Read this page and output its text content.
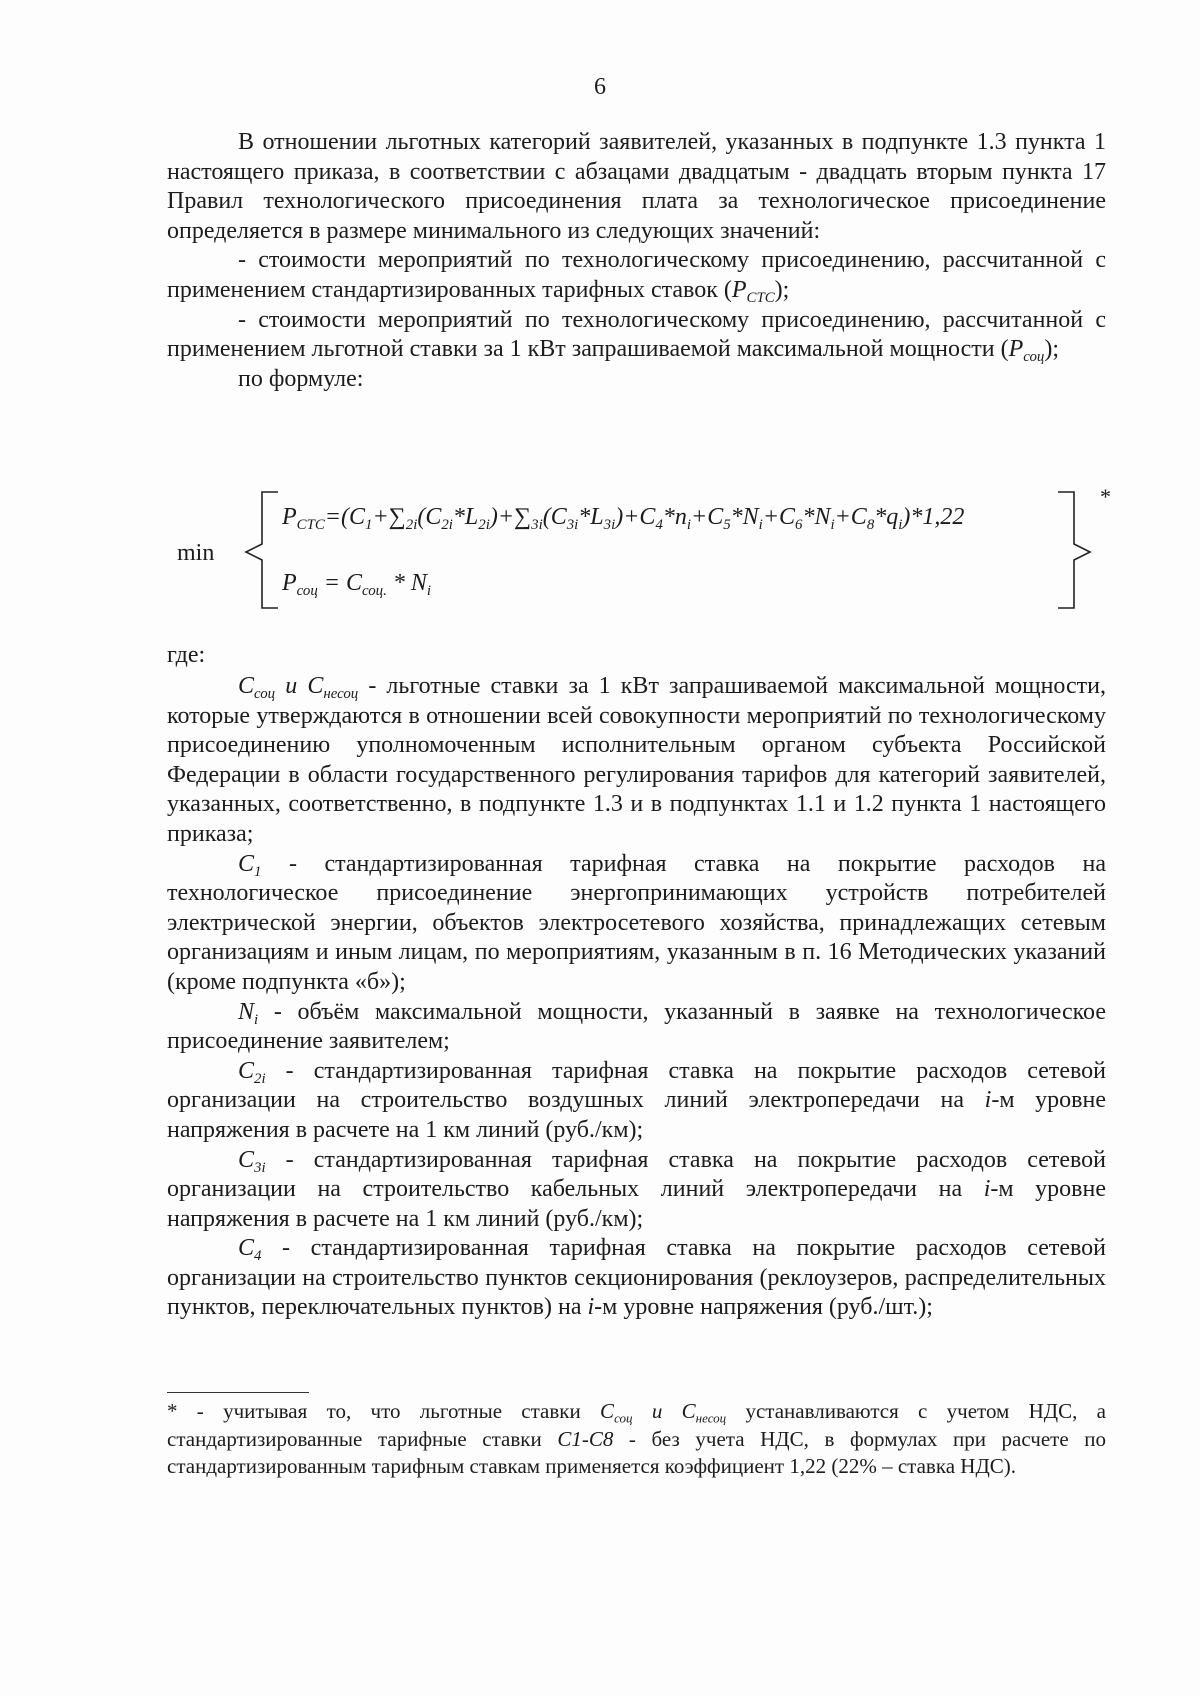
6

В отношении льготных категорий заявителей, указанных в подпункте 1.3 пункта 1 настоящего приказа, в соответствии с абзацами двадцатым - двадцать вторым пункта 17 Правил технологического присоединения плата за технологическое присоединение определяется в размере минимального из следующих значений:

- стоимости мероприятий по технологическому присоединению, рассчитанной с применением стандартизированных тарифных ставок $(P_{СТС})$;

- стоимости мероприятий по технологическому присоединению, рассчитанной с применением льготной ставки за 1 кВт запрашиваемой максимальной мощности $(P_{соц})$;

по формуле:

min
*
$P_{СТС}=(C_1+\sum_{2i}(C_{2i}*L_{2i})+\sum_{3i}(C_{3i}*L_{3i})+C_4*n_i+C_5*N_i+C_6*N_i+C_8*q_i)*1,22$
$P_{соц} = C_{соц.} * N_i$
где:

$C_{соц}$ и $C_{несоц}$ - льготные ставки за 1 кВт запрашиваемой максимальной мощности, которые утверждаются в отношении всей совокупности мероприятий по технологическому присоединению уполномоченным исполнительным органом субъекта Российской Федерации в области государственного регулирования тарифов для категорий заявителей, указанных, соответственно, в подпункте 1.3 и в подпунктах 1.1 и 1.2 пункта 1 настоящего приказа;

$C_1$ - стандартизированная тарифная ставка на покрытие расходов на технологическое присоединение энергопринимающих устройств потребителей электрической энергии, объектов электросетевого хозяйства, принадлежащих сетевым организациям и иным лицам, по мероприятиям, указанным в п. 16 Методических указаний (кроме подпункта «б»);

$N_i$ - объём максимальной мощности, указанный в заявке на технологическое присоединение заявителем;

$C_{2i}$ - стандартизированная тарифная ставка на покрытие расходов сетевой организации на строительство воздушных линий электропередачи на i-м уровне напряжения в расчете на 1 км линий (руб./км);

$C_{3i}$ - стандартизированная тарифная ставка на покрытие расходов сетевой организации на строительство кабельных линий электропередачи на i-м уровне напряжения в расчете на 1 км линий (руб./км);

$C_4$ - стандартизированная тарифная ставка на покрытие расходов сетевой организации на строительство пунктов секционирования (реклоузеров, распределительных пунктов, переключательных пунктов) на i-м уровне напряжения (руб./шт.);

* - учитывая то, что льготные ставки $C_{соц}$ и $C_{несоц}$ устанавливаются с учетом НДС, а стандартизированные тарифные ставки С1-С8 - без учета НДС, в формулах при расчете по стандартизированным тарифным ставкам применяется коэффициент 1,22 (22% – ставка НДС).
